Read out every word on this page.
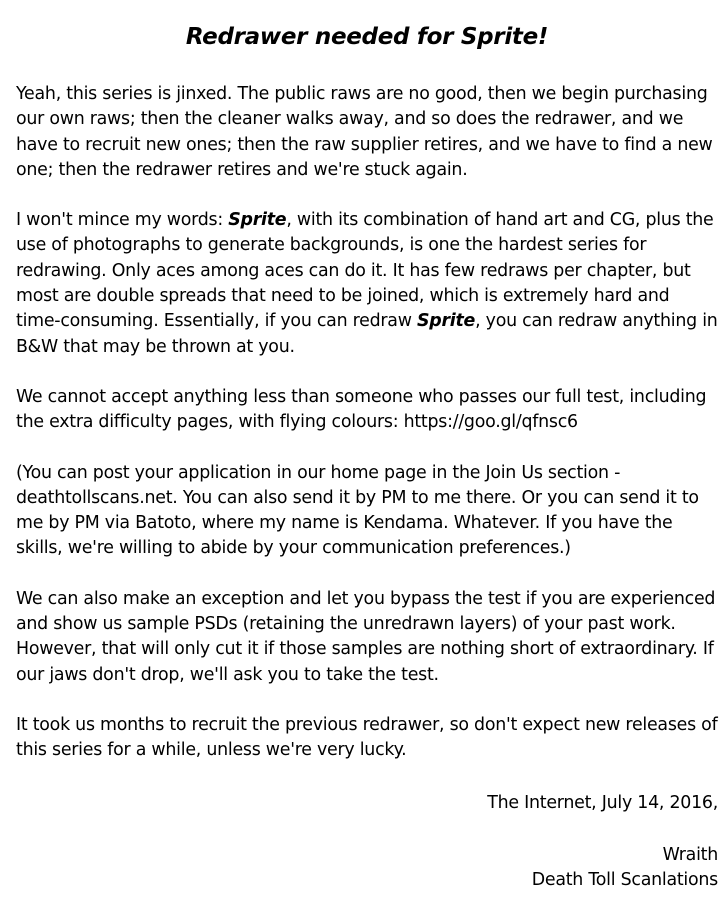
Redrawer needed for Sprite!

Yeah, this series is jinxed. The public raws are no good, then we begin purchasing our own raws; then the cleaner walks away, and so does the redrawer, and we have to recruit new ones; then the raw supplier retires, and we have to find a new one; then the redrawer retires and we're stuck again.

I won't mince my words: Sprite, with its combination of hand art and CG, plus the use of photographs to generate backgrounds, is one the hardest series for redrawing. Only aces among aces can do it. It has few redraws per chapter, but most are double spreads that need to be joined, which is extremely hard and time-consuming. Essentially, if you can redraw Sprite, you can redraw anything in B&W that may be thrown at you.

We cannot accept anything less than someone who passes our full test, including the extra difficulty pages, with flying colours: https://goo.gl/qfnsc6

(You can post your application in our home page in the Join Us section - deathtollscans.net. You can also send it by PM to me there. Or you can send it to me by PM via Batoto, where my name is Kendama. Whatever. If you have the skills, we're willing to abide by your communication preferences.)

We can also make an exception and let you bypass the test if you are experienced and show us sample PSDs (retaining the unredrawn layers) of your past work. However, that will only cut it if those samples are nothing short of extraordinary. If our jaws don't drop, we'll ask you to take the test.

It took us months to recruit the previous redrawer, so don't expect new releases of this series for a while, unless we're very lucky.

The Internet, July 14, 2016,
Wraith
Death Toll Scanlations
